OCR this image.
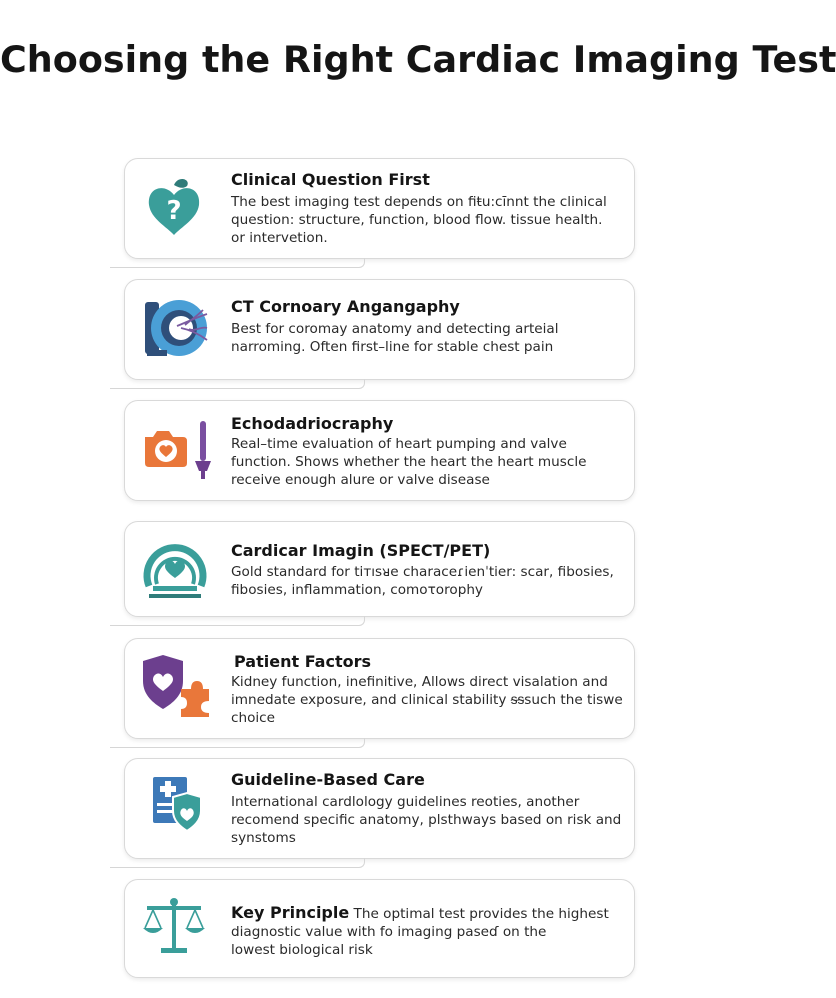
Choosing the Right Cardiac Imaging Test
?
Clinical Question First
The best imaging test depends on fiŧu:cīnnt the clinical
question: structure, function, blood flow. tissue health.
or intervetion.
CT Cornoary Angangaphy
Best for coromay anatomy and detecting arteial
narroming. Often first–line for stable chest pain
Echodadriocraphy
Real–time evaluation of heart pumping and valve
function. Shows whether the heart the heart muscle
receive enough alure or valve disease
Cardicar Imagin (SPECT/PET)
Gold standard for tiᴛısᴚe charaᴄeɾienˈtier: scar, fibosies,
fibosies, inflammation, comoτorophy
Patient Factors
Kidney function, inefinitive, Allows direct visalation and
imnedate exposure, and clinical stability ᵴᵴsuch the tiswe
choice
Guideline-Based Care
International cardlology guidelines reoties, another
recomend specific anatomy, plsthways based on risk and
synstoms
Key Principle The optimal test provides the highest
diagnostic value with fo imaging paseɗ on the
lowest biological risk
